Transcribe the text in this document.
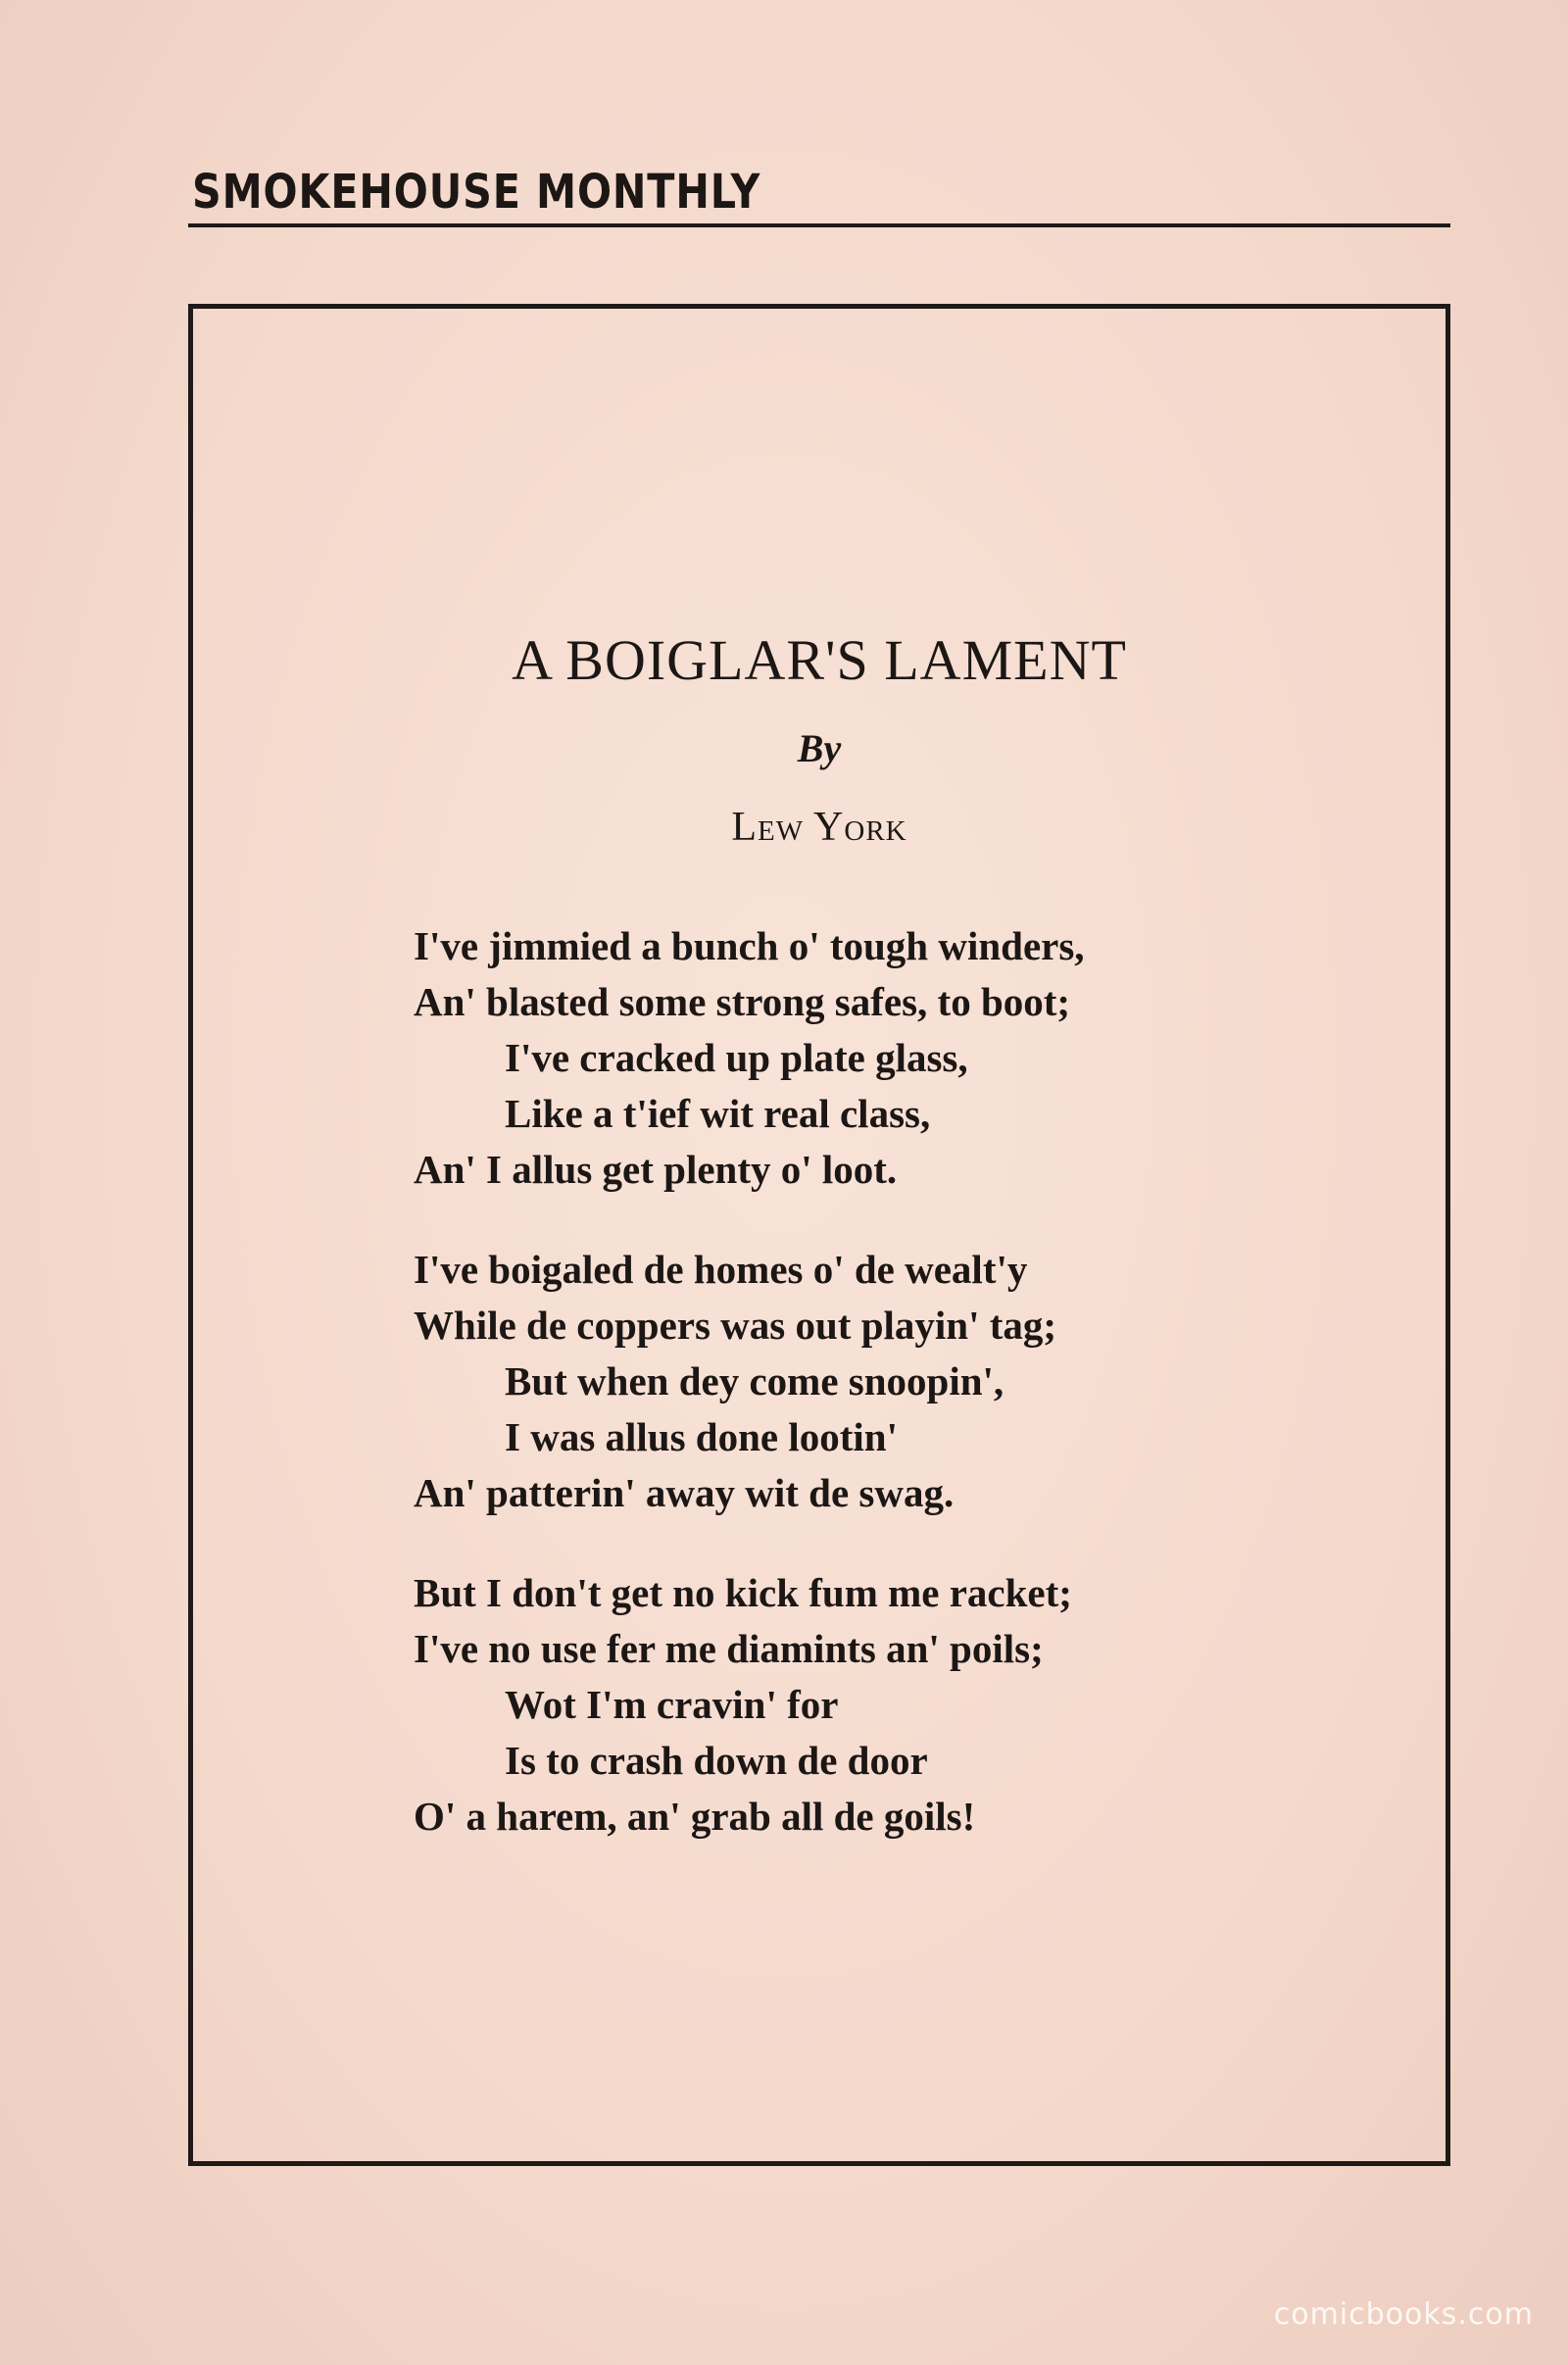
SMOKEHOUSE MONTHLY
A BOIGLAR'S LAMENT
By
Lew York
I've jimmied a bunch o' tough winders,
An' blasted some strong safes, to boot;
I've cracked up plate glass,
Like a t'ief wit real class,
An' I allus get plenty o' loot.
I've boigaled de homes o' de wealt'y
While de coppers was out playin' tag;
But when dey come snoopin',
I was allus done lootin'
An' patterin' away wit de swag.
But I don't get no kick fum me racket;
I've no use fer me diamints an' poils;
Wot I'm cravin' for
Is to crash down de door
O' a harem, an' grab all de goils!
comicbooks.com
